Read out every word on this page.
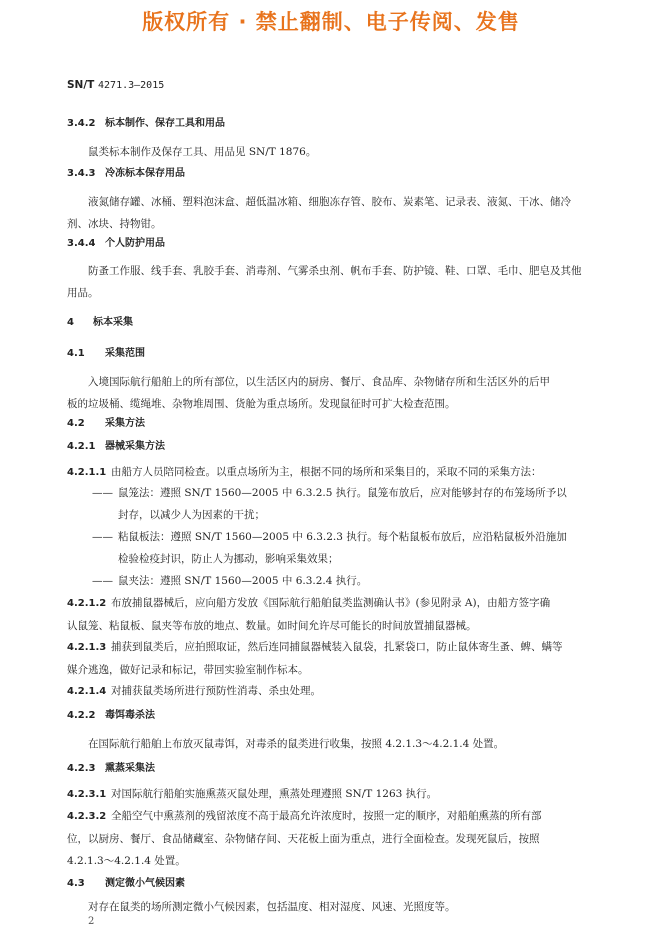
版权所有 · 禁止翻制、电子传阅、发售
SN/T 4271.3—2015
3.4.2 标本制作、保存工具和用品
鼠类标本制作及保存工具、用品见 SN/T 1876。
3.4.3 冷冻标本保存用品
液氮储存罐、冰桶、塑料泡沫盒、超低温冰箱、细胞冻存管、胶布、炭素笔、记录表、液氮、干冰、储冷
剂、冰块、持物钳。
3.4.4 个人防护用品
防蚤工作服、线手套、乳胶手套、消毒剂、气雾杀虫剂、帆布手套、防护镜、鞋、口罩、毛巾、肥皂及其他
用品。
4 标本采集
4.1 采集范围
入境国际航行船舶上的所有部位，以生活区内的厨房、餐厅、食品库、杂物储存所和生活区外的后甲
板的垃圾桶、缆绳堆、杂物堆周围、货舱为重点场所。发现鼠征时可扩大检查范围。
4.2 采集方法
4.2.1 器械采集方法
4.2.1.1 由船方人员陪同检查。以重点场所为主，根据不同的场所和采集目的，采取不同的采集方法：
—— 鼠笼法：遵照 SN/T 1560—2005 中 6.3.2.5 执行。鼠笼布放后，应对能够封存的布笼场所予以
封存，以减少人为因素的干扰；
—— 粘鼠板法：遵照 SN/T 1560—2005 中 6.3.2.3 执行。每个粘鼠板布放后，应沿粘鼠板外沿施加
检验检疫封识，防止人为挪动，影响采集效果；
—— 鼠夹法：遵照 SN/T 1560—2005 中 6.3.2.4 执行。
4.2.1.2 布放捕鼠器械后，应向船方发放《国际航行船舶鼠类监测确认书》(参见附录 A)，由船方签字确
认鼠笼、粘鼠板、鼠夹等布放的地点、数量。如时间允许尽可能长的时间放置捕鼠器械。
4.2.1.3 捕获到鼠类后，应拍照取证，然后连同捕鼠器械装入鼠袋，扎紧袋口，防止鼠体寄生蚤、蜱、螨等
媒介逃逸，做好记录和标记，带回实验室制作标本。
4.2.1.4 对捕获鼠类场所进行预防性消毒、杀虫处理。
4.2.2 毒饵毒杀法
在国际航行船舶上布放灭鼠毒饵，对毒杀的鼠类进行收集，按照 4.2.1.3～4.2.1.4 处置。
4.2.3 熏蒸采集法
4.2.3.1 对国际航行船舶实施熏蒸灭鼠处理，熏蒸处理遵照 SN/T 1263 执行。
4.2.3.2 全船空气中熏蒸剂的残留浓度不高于最高允许浓度时，按照一定的顺序，对船舶熏蒸的所有部
位，以厨房、餐厅、食品储藏室、杂物储存间、天花板上面为重点，进行全面检查。发现死鼠后，按照
4.2.1.3～4.2.1.4 处置。
4.3 测定微小气候因素
对存在鼠类的场所测定微小气候因素，包括温度、相对湿度、风速、光照度等。
2
